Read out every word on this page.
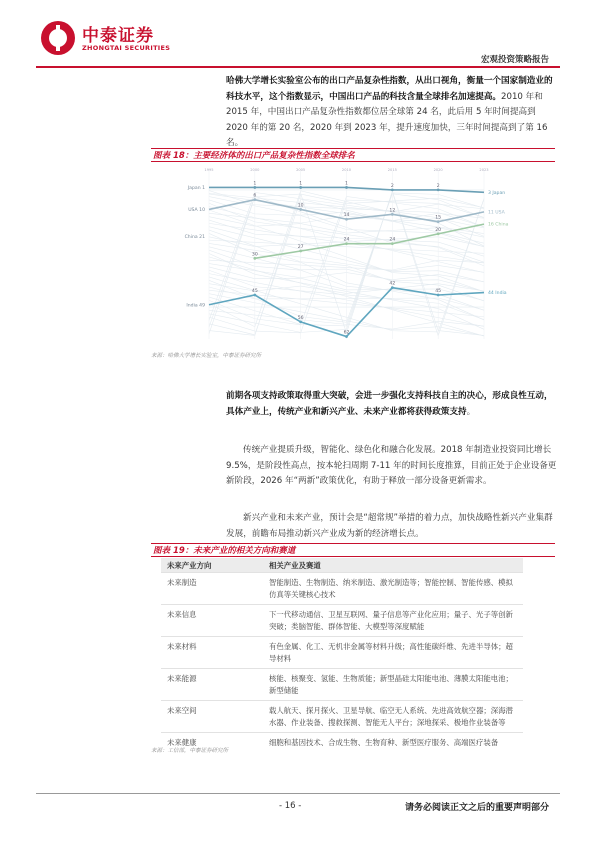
中泰证券
ZHONGTAI SECURITIES
宏观投资策略报告
哈佛大学增长实验室公布的出口产品复杂性指数，从出口视角，衡量一个国家制造业的科技水平，这个指数显示，中国出口产品的科技含量全球排名加速提高。2010 年和 2015 年，中国出口产品复杂性指数都位居全球第 24 名，此后用 5 年时间提高到 2020 年的第 20 名，2020 年到 2023 年，提升速度加快，三年时间提高到了第 16 名。
图表 18：主要经济体的出口产品复杂性指数全球排名
1995	2000	2005	2010	2015	2020	2023
1	1	1	2	2
Japan 1
3 Japan
6
10
14
12
15
USA 10	11 USA
30
27
24	24
20
China 21
16 China
45
56
62
42
45
India 49
44 India
来源：哈佛大学增长实验室，中泰证券研究所
前期各项支持政策取得重大突破，会进一步强化支持科技自主的决心，形成良性互动，具体产业上，传统产业和新兴产业、未来产业都将获得政策支持。
传统产业提质升级，智能化、绿色化和融合化发展。2018 年制造业投资同比增长 9.5%，是阶段性高点，按本轮扫周期 7-11 年的时间长度推算，目前正处于企业设备更新阶段，2026 年“两新”政策优化，有助于释放一部分设备更新需求。
新兴产业和未来产业，预计会是“超常规”举措的着力点，加快战略性新兴产业集群发展，前瞻布局推动新兴产业成为新的经济增长点。
图表 19：未来产业的相关方向和赛道
未来产业方向	相关产业及赛道
未来制造	智能制造、生物制造、纳米制造、激光制造等；智能控制、智能传感、模拟仿真等关键核心技术
未来信息	下一代移动通信、卫星互联网、量子信息等产业化应用；量子、光子等创新突破；类脑智能、群体智能、大模型等深度赋能
未来材料	有色金属、化工、无机非金属等材料升级；高性能碳纤维、先进半导体；超导材料
未来能源	核能、核聚变、氢能、生物质能；新型晶硅太阳能电池、薄膜太阳能电池；新型储能
未来空间	载人航天、探月探火、卫星导航、临空无人系统、先进高效航空器；深海潜水器、作业装备、搜救探测、智能无人平台；深地探采、极地作业装备等
未来健康	细胞和基因技术、合成生物、生物育种、新型医疗服务、高端医疗装备
来源：工信部，中泰证券研究所
- 16 -	请务必阅读正文之后的重要声明部分
